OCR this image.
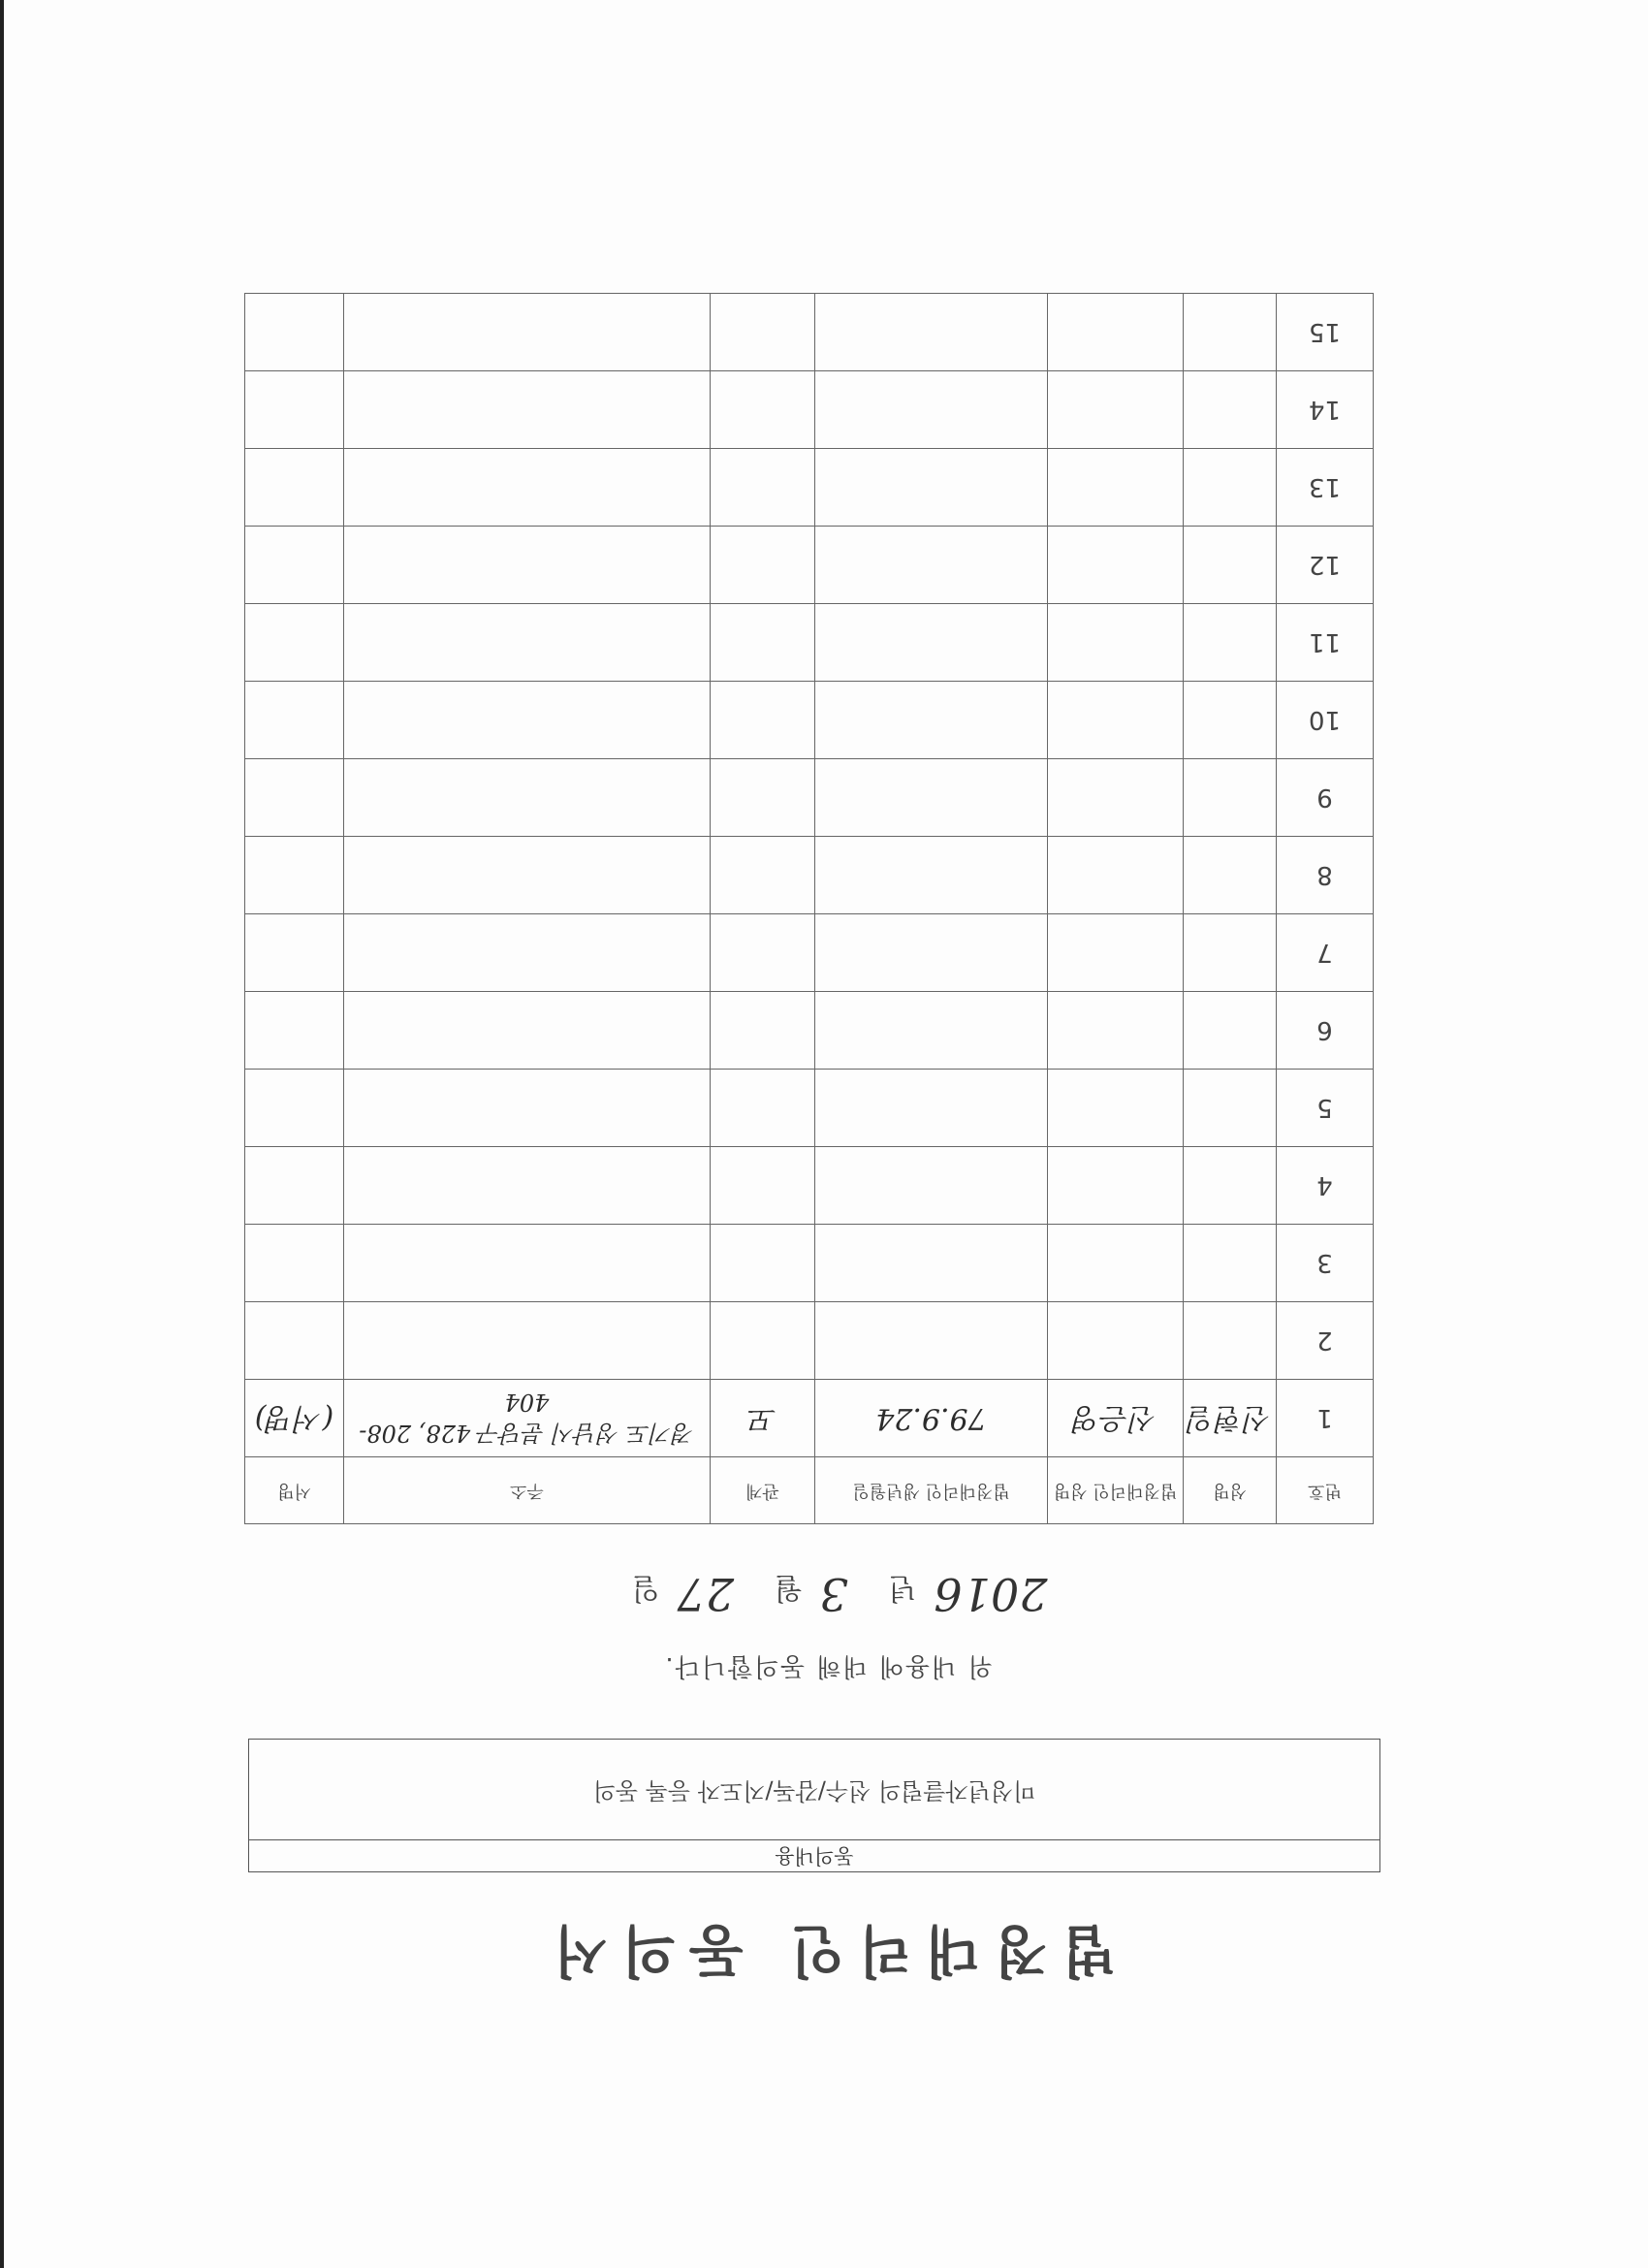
법정대리인 동의서
동의내용
미성년자클럽의 선수/감독/지도자 등록 동의
위 내용에 대해 동의합니다.
2016년 3월 27일
번호	성명	법정대리인 성명	법정대리인 생년월일	관계	주소	서명
1	신현일	신은영	79.9.24	모	경기도 성남시 분당구 428, 208-404	(서명)
2						
3						
4						
5						
6						
7						
8						
9						
10						
11						
12						
13						
14						
15						
